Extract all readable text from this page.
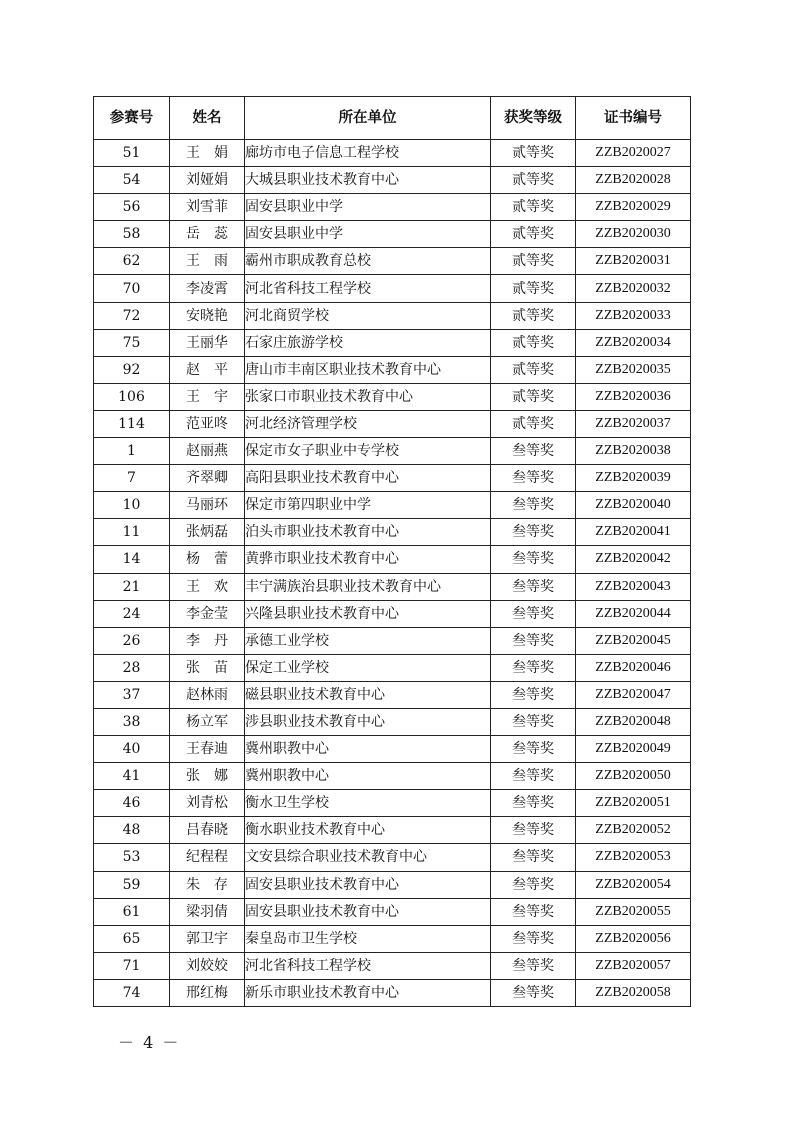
参赛号	姓名	所在单位	获奖等级	证书编号
51	王　娟	廊坊市电子信息工程学校	贰等奖	ZZB2020027
54	刘娅娟	大城县职业技术教育中心	贰等奖	ZZB2020028
56	刘雪菲	固安县职业中学	贰等奖	ZZB2020029
58	岳　蕊	固安县职业中学	贰等奖	ZZB2020030
62	王　雨	霸州市职成教育总校	贰等奖	ZZB2020031
70	李凌霄	河北省科技工程学校	贰等奖	ZZB2020032
72	安晓艳	河北商贸学校	贰等奖	ZZB2020033
75	王丽华	石家庄旅游学校	贰等奖	ZZB2020034
92	赵　平	唐山市丰南区职业技术教育中心	贰等奖	ZZB2020035
106	王　宇	张家口市职业技术教育中心	贰等奖	ZZB2020036
114	范亚咚	河北经济管理学校	贰等奖	ZZB2020037
1	赵丽燕	保定市女子职业中专学校	叁等奖	ZZB2020038
7	齐翠卿	高阳县职业技术教育中心	叁等奖	ZZB2020039
10	马丽环	保定市第四职业中学	叁等奖	ZZB2020040
11	张炳磊	泊头市职业技术教育中心	叁等奖	ZZB2020041
14	杨　蕾	黄骅市职业技术教育中心	叁等奖	ZZB2020042
21	王　欢	丰宁满族治县职业技术教育中心	叁等奖	ZZB2020043
24	李金莹	兴隆县职业技术教育中心	叁等奖	ZZB2020044
26	李　丹	承德工业学校	叁等奖	ZZB2020045
28	张　苗	保定工业学校	叁等奖	ZZB2020046
37	赵林雨	磁县职业技术教育中心	叁等奖	ZZB2020047
38	杨立军	涉县职业技术教育中心	叁等奖	ZZB2020048
40	王春迪	冀州职教中心	叁等奖	ZZB2020049
41	张　娜	冀州职教中心	叁等奖	ZZB2020050
46	刘青松	衡水卫生学校	叁等奖	ZZB2020051
48	吕春晓	衡水职业技术教育中心	叁等奖	ZZB2020052
53	纪程程	文安县综合职业技术教育中心	叁等奖	ZZB2020053
59	朱　存	固安县职业技术教育中心	叁等奖	ZZB2020054
61	梁羽倩	固安县职业技术教育中心	叁等奖	ZZB2020055
65	郭卫宇	秦皇岛市卫生学校	叁等奖	ZZB2020056
71	刘姣姣	河北省科技工程学校	叁等奖	ZZB2020057
74	邢红梅	新乐市职业技术教育中心	叁等奖	ZZB2020058
－ 4 －
